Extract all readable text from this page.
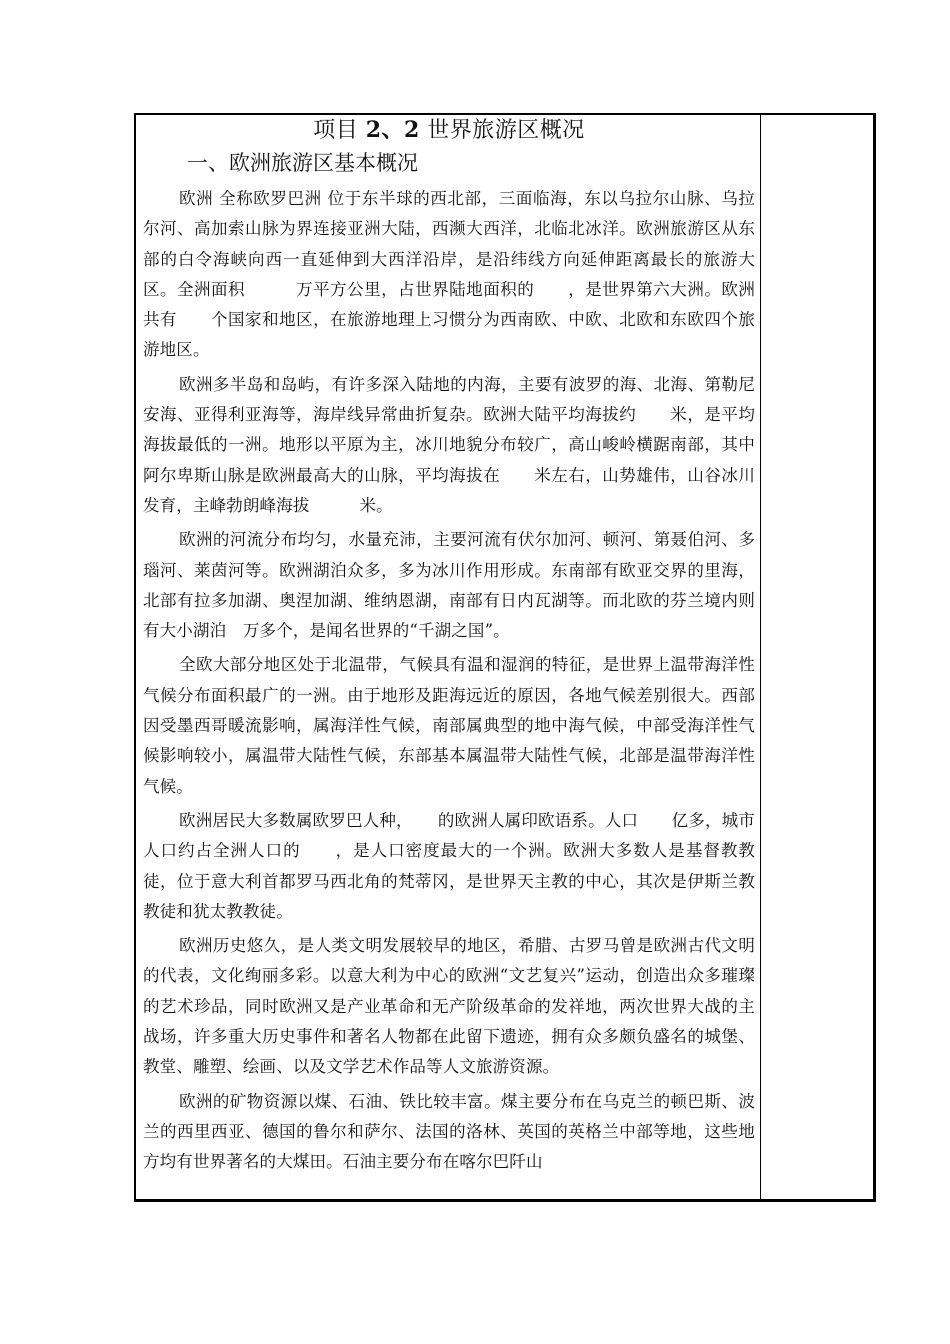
项目 2、2 世界旅游区概况
一、欧洲旅游区基本概况

欧洲 全称欧罗巴洲 位于东半球的西北部，三面临海，东以乌拉尔山脉、乌拉尔河、高加索山脉为界连接亚洲大陆，西濒大西洋，北临北冰洋。欧洲旅游区从东部的白令海峡向西一直延伸到大西洋沿岸，是沿纬线方向延伸距离最长的旅游大区。全洲面积　　　万平方公里，占世界陆地面积的　　，是世界第六大洲。欧洲共有　　个国家和地区，在旅游地理上习惯分为西南欧、中欧、北欧和东欧四个旅游地区。

欧洲多半岛和岛屿，有许多深入陆地的内海，主要有波罗的海、北海、第勒尼安海、亚得利亚海等，海岸线异常曲折复杂。欧洲大陆平均海拔约　　米，是平均海拔最低的一洲。地形以平原为主，冰川地貌分布较广，高山峻岭横踞南部，其中阿尔卑斯山脉是欧洲最高大的山脉，平均海拔在　　米左右，山势雄伟，山谷冰川发育，主峰勃朗峰海拔　　　米。

欧洲的河流分布均匀，水量充沛，主要河流有伏尔加河、顿河、第聂伯河、多瑙河、莱茵河等。欧洲湖泊众多，多为冰川作用形成。东南部有欧亚交界的里海，北部有拉多加湖、奥涅加湖、维纳恩湖，南部有日内瓦湖等。而北欧的芬兰境内则有大小湖泊　万多个，是闻名世界的“千湖之国”。

全欧大部分地区处于北温带，气候具有温和湿润的特征，是世界上温带海洋性气候分布面积最广的一洲。由于地形及距海远近的原因，各地气候差别很大。西部因受墨西哥暖流影响，属海洋性气候，南部属典型的地中海气候，中部受海洋性气候影响较小，属温带大陆性气候，东部基本属温带大陆性气候，北部是温带海洋性气候。

欧洲居民大多数属欧罗巴人种，　　的欧洲人属印欧语系。人口　　亿多，城市人口约占全洲人口的　　，是人口密度最大的一个洲。欧洲大多数人是基督教教徒，位于意大利首都罗马西北角的梵蒂冈，是世界天主教的中心，其次是伊斯兰教教徒和犹太教教徒。

欧洲历史悠久，是人类文明发展较早的地区，希腊、古罗马曾是欧洲古代文明的代表，文化绚丽多彩。以意大利为中心的欧洲“文艺复兴”运动，创造出众多璀璨的艺术珍品，同时欧洲又是产业革命和无产阶级革命的发祥地，两次世界大战的主战场，许多重大历史事件和著名人物都在此留下遗迹，拥有众多颇负盛名的城堡、教堂、雕塑、绘画、以及文学艺术作品等人文旅游资源。

欧洲的矿物资源以煤、石油、铁比较丰富。煤主要分布在乌克兰的顿巴斯、波兰的西里西亚、德国的鲁尔和萨尔、法国的洛林、英国的英格兰中部等地，这些地方均有世界著名的大煤田。石油主要分布在喀尔巴阡山
